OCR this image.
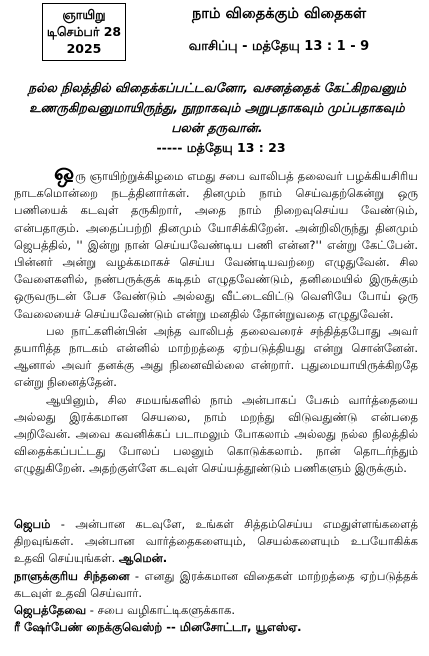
ஞாயிறு
டிசெம்பர் 28
2025
நாம் விதைக்கும் விதைகள்
வாசிப்பு - மத்தேயு 13 : 1 - 9
நல்ல நிலத்தில் விதைக்கப்பட்டவனோ, வசனத்தைக் கேட்கிறவனும் உணருகிறவனுமாயிருந்து, நூறாகவும் அறுபதாகவும் முப்பதாகவும் பலன் தருவான்.
----- மத்தேயு 13 : 23

ஒரு ஞாயிற்றுக்கிழமை எமது சபை வாலிபத் தலைவர் பழக்கியசிரிய நாடகமொன்றை நடத்தினார்கள். தினமும் நாம் செய்வதற்கென்று ஒரு பணியைக் கடவுள் தருகிறார், அதை நாம் நிறைவுசெய்ய வேண்டும், என்பதாகும். அதைப்பற்றி தினமும் யோசிக்கிறேன். அன்றிலிருந்து தினமும் ஜெபத்தில், '' இன்று நான் செய்யவேண்டிய பணி என்ன?'' என்று கேட்பேன். பின்னர் அன்று வழக்கமாகச் செய்ய வேண்டியவற்றை எழுதுவேன். சில வேளைகளில், நண்பருக்குக் கடிதம் எழுதவேண்டும், தனிமையில் இருக்கும் ஒருவருடன் பேச வேண்டும் அல்லது வீட்டைவிட்டு வெளியே போய் ஒரு வேலையைச் செய்யவேண்டும் என்று மனதில் தோன்றுவதை எழுதுவேன்.

பல நாட்களின்பின் அந்த வாலிபத் தலைவரைச் சந்தித்தபோது அவர் தயாரித்த நாடகம் என்னில் மாற்றத்தை ஏற்படுத்தியது என்று சொன்னேன். ஆனால் அவர் தனக்கு அது நினைவில்லை என்றார். புதுமையாயிருக்கிறதே என்று நினைத்தேன்.

ஆயினும், சில சமயங்களில் நாம் அன்பாகப் பேசும் வார்த்தையை அல்லது இரக்கமான செயலை, நாம் மறந்து விடுவதுண்டு என்பதை அறிவேன். அவை கவனிக்கப் படாமலும் போகலாம் அல்லது நல்ல நிலத்தில் விதைக்கப்பட்டது போலப் பலனும் கொடுக்கலாம். நான் தொடர்ந்தும் எழுதுகிறேன். அதற்குள்ளே கடவுள் செய்யத்தூண்டும் பணிகளும் இருக்கும்.

ஜெபம் - அன்பான கடவுளே, உங்கள் சித்தம்செய்ய எமதுள்ளங்களைத் திறவுங்கள். அன்பான வார்த்தைகளையும், செயல்களையும் உபயோகிக்க உதவி செய்யுங்கள். ஆமென்.

நாளுக்குரிய சிந்தனை - எனது இரக்கமான விதைகள் மாற்றத்தை ஏற்படுத்தக் கடவுள் உதவி செய்வார்.

ஜெபத்தேவை - சபை வழிகாட்டிகளுக்காக.

ரீ ஷேர்பேண் நைக்குவெஸ்ற் -- மினசோட்டா, யூஎஸ்ஏ.
